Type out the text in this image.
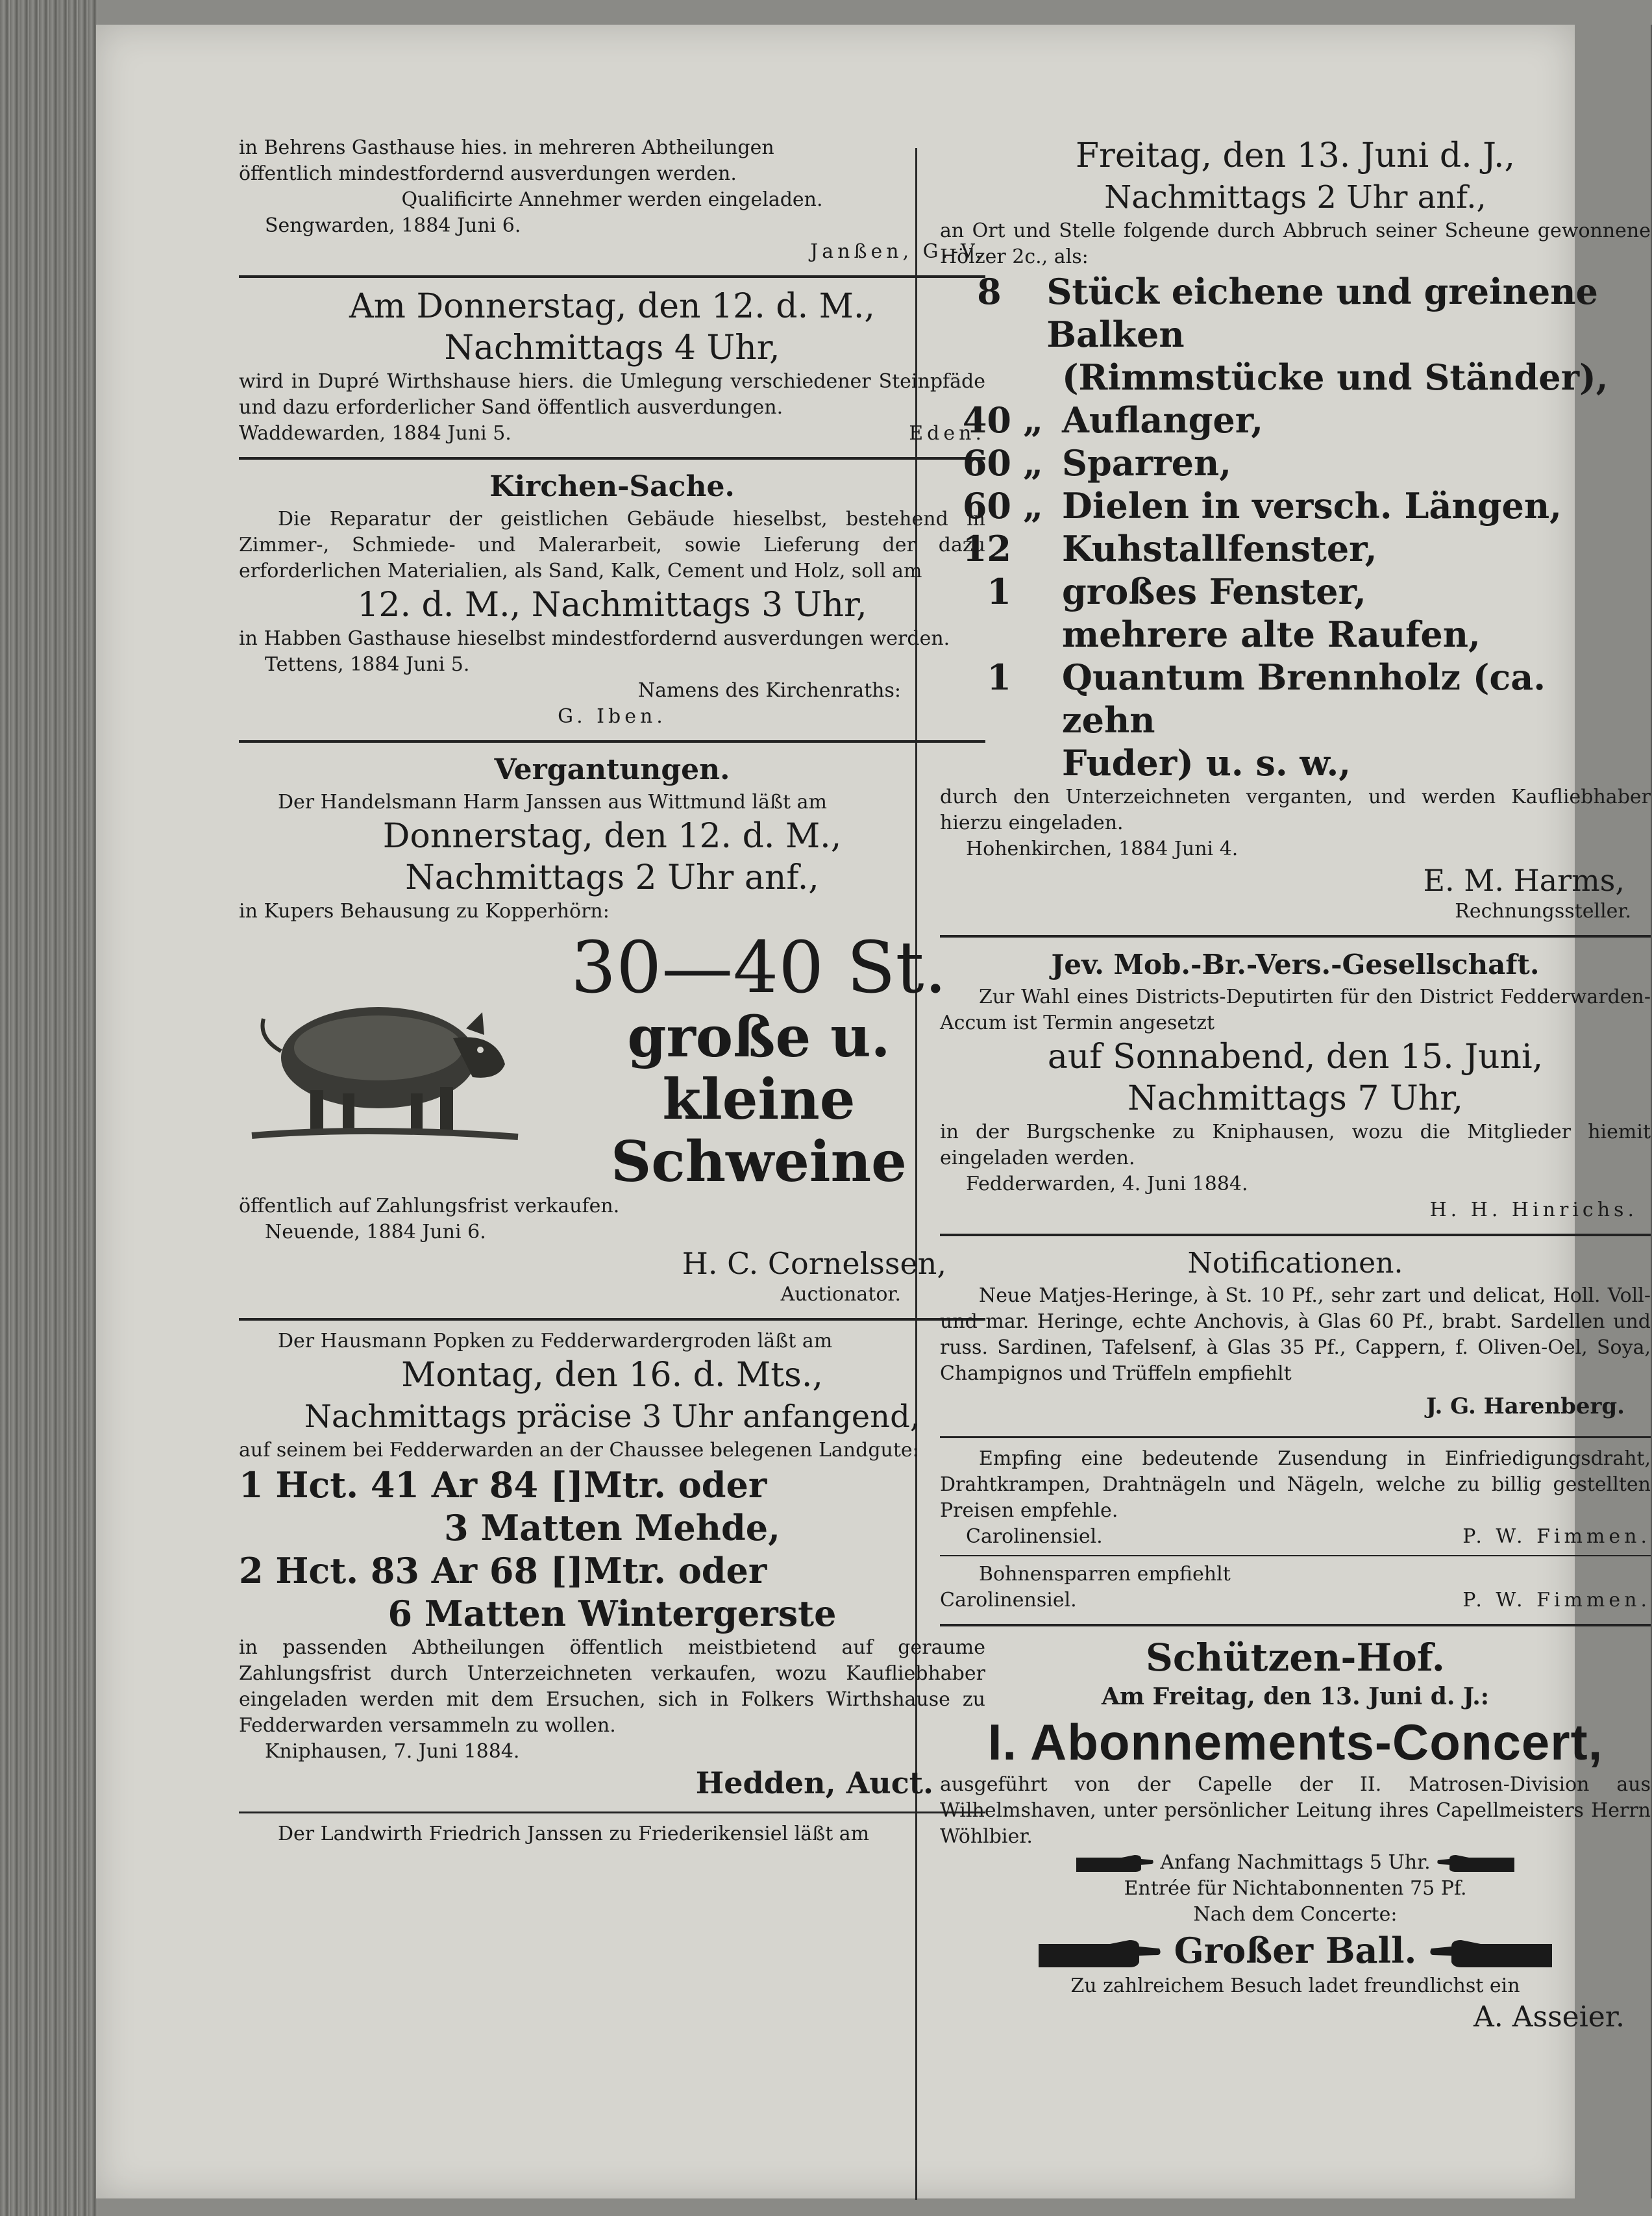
in Behrens Gasthause hies. in mehreren Abtheilungen

öffentlich mindestfordernd ausverdungen werden.

Qualificirte Annehmer werden eingeladen.

Sengwarden, 1884 Juni 6.

Janßen, G.-V.

Am Donnerstag, den 12. d. M.,

Nachmittags 4 Uhr,

wird in Dupré Wirthshause hiers. die Umlegung verschiedener Steinpfäde und dazu erforderlicher Sand öffentlich ausverdungen.

Waddewarden, 1884 Juni 5.	Eden.

Kirchen-Sache.

Die Reparatur der geistlichen Gebäude hieselbst, bestehend in Zimmer-, Schmiede- und Malerarbeit, sowie Lieferung der dazu erforderlichen Materialien, als Sand, Kalk, Cement und Holz, soll am

12. d. M., Nachmittags 3 Uhr,

in Habben Gasthause hieselbst mindestfordernd ausverdungen werden.

Tettens, 1884 Juni 5.

Namens des Kirchenraths:

G. Iben.

Vergantungen.

Der Handelsmann Harm Janssen aus Wittmund läßt am

Donnerstag, den 12. d. M.,

Nachmittags 2 Uhr anf.,

in Kupers Behausung zu Kopperhörn:

30—40 St.

große u. kleine

Schweine

öffentlich auf Zahlungsfrist verkaufen.

Neuende, 1884 Juni 6.

H. C. Cornelssen,

Auctionator.

Der Hausmann Popken zu Fedderwardergroden läßt am

Montag, den 16. d. Mts.,

Nachmittags präcise 3 Uhr anfangend,

auf seinem bei Fedderwarden an der Chaussee belegenen Landgute:

1 Hct. 41 Ar 84 []Mtr. oder

3 Matten Mehde,

2 Hct. 83 Ar 68 []Mtr. oder

6 Matten Wintergerste

in passenden Abtheilungen öffentlich meistbietend auf geraume Zahlungsfrist durch Unterzeichneten verkaufen, wozu Kaufliebhaber eingeladen werden mit dem Ersuchen, sich in Folkers Wirthshause zu Fedderwarden versammeln zu wollen.

Kniphausen, 7. Juni 1884.

Hedden, Auct.

Der Landwirth Friedrich Janssen zu Friederikensiel läßt am

Freitag, den 13. Juni d. J.,

Nachmittags 2 Uhr anf.,

an Ort und Stelle folgende durch Abbruch seiner Scheune gewonnene Hölzer 2c., als:

8	Stück eichene und greinene Balken
(Rimmstücke und Ständer),
40 „ Auflanger,
60 „ Sparren,
60 „ Dielen in versch. Längen,
12	Kuhstallfenster,
1	großes Fenster,
mehrere alte Raufen,
1	Quantum Brennholz (ca. zehn
Fuder) u. s. w.,

durch den Unterzeichneten verganten, und werden Kaufliebhaber hierzu eingeladen.

Hohenkirchen, 1884 Juni 4.

E. M. Harms,

Rechnungssteller.

Jev. Mob.-Br.-Vers.-Gesellschaft.

Zur Wahl eines Districts-Deputirten für den District Fedderwarden-Accum ist Termin angesetzt

auf Sonnabend, den 15. Juni,

Nachmittags 7 Uhr,

in der Burgschenke zu Kniphausen, wozu die Mitglieder hiemit eingeladen werden.

Fedderwarden, 4. Juni 1884.

H. H. Hinrichs.

Notificationen.

Neue Matjes-Heringe, à St. 10 Pf., sehr zart und delicat, Holl. Voll- und mar. Heringe, echte Anchovis, à Glas 60 Pf., brabt. Sardellen und russ. Sardinen, Tafelsenf, à Glas 35 Pf., Cappern, f. Oliven-Oel, Soya, Champignos und Trüffeln empfiehlt

J. G. Harenberg.

Empfing eine bedeutende Zusendung in Einfriedigungsdraht, Drahtkrampen, Drahtnägeln und Nägeln, welche zu billig gestellten Preisen empfehle.

Carolinensiel.	P. W. Fimmen.

Bohnensparren empfiehlt

Carolinensiel.	P. W. Fimmen.

Schützen-Hof.

Am Freitag, den 13. Juni d. J.:

I. Abonnements-Concert,

ausgeführt von der Capelle der II. Matrosen-Division aus Wilhelmshaven, unter persönlicher Leitung ihres Capellmeisters Herrn Wöhlbier.

Anfang Nachmittags 5 Uhr.

Entrée für Nichtabonnenten 75 Pf.

Nach dem Concerte:

Großer Ball.

Zu zahlreichem Besuch ladet freundlichst ein

A. Asseier.
